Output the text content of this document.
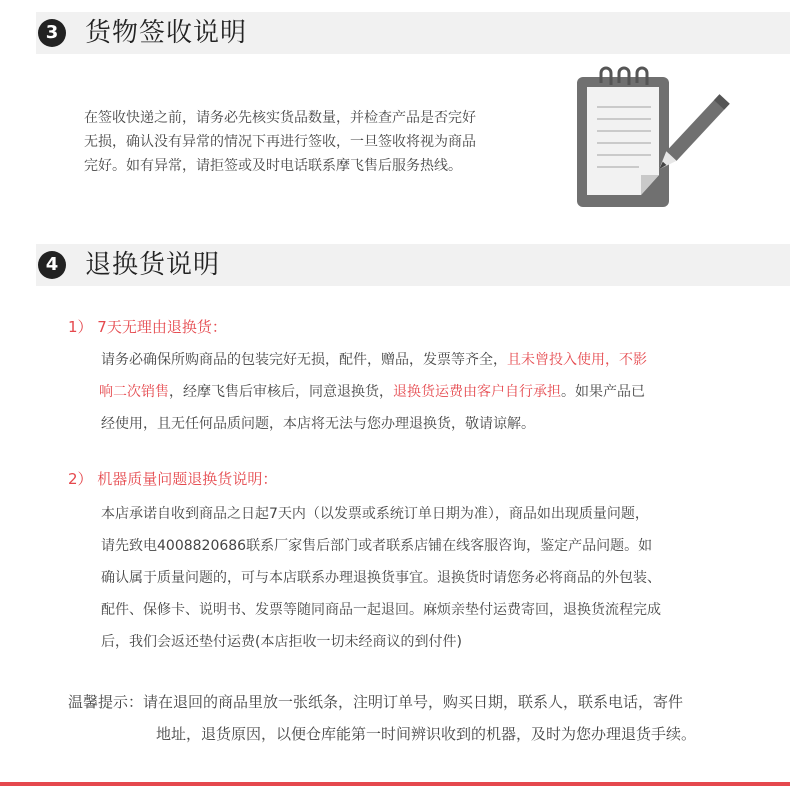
3 货物签收说明
在签收快递之前，请务必先核实货品数量，并检查产品是否完好
无损，确认没有异常的情况下再进行签收，一旦签收将视为商品
完好。如有异常，请拒签或及时电话联系摩飞售后服务热线。
4 退换货说明
1） 7天无理由退换货：
请务必确保所购商品的包装完好无损，配件，赠品，发票等齐全，且未曾投入使用，不影
响二次销售，经摩飞售后审核后，同意退换货，退换货运费由客户自行承担。如果产品已
经使用，且无任何品质问题，本店将无法与您办理退换货，敬请谅解。
2） 机器质量问题退换货说明：
本店承诺自收到商品之日起7天内（以发票或系统订单日期为准），商品如出现质量问题，
请先致电4008820686联系厂家售后部门或者联系店铺在线客服咨询，鉴定产品问题。如
确认属于质量问题的，可与本店联系办理退换货事宜。退换货时请您务必将商品的外包装、
配件、保修卡、说明书、发票等随同商品一起退回。麻烦亲垫付运费寄回，退换货流程完成
后，我们会返还垫付运费(本店拒收一切未经商议的到付件)
温馨提示：请在退回的商品里放一张纸条，注明订单号，购买日期，联系人，联系电话，寄件
地址，退货原因，以便仓库能第一时间辨识收到的机器，及时为您办理退货手续。
